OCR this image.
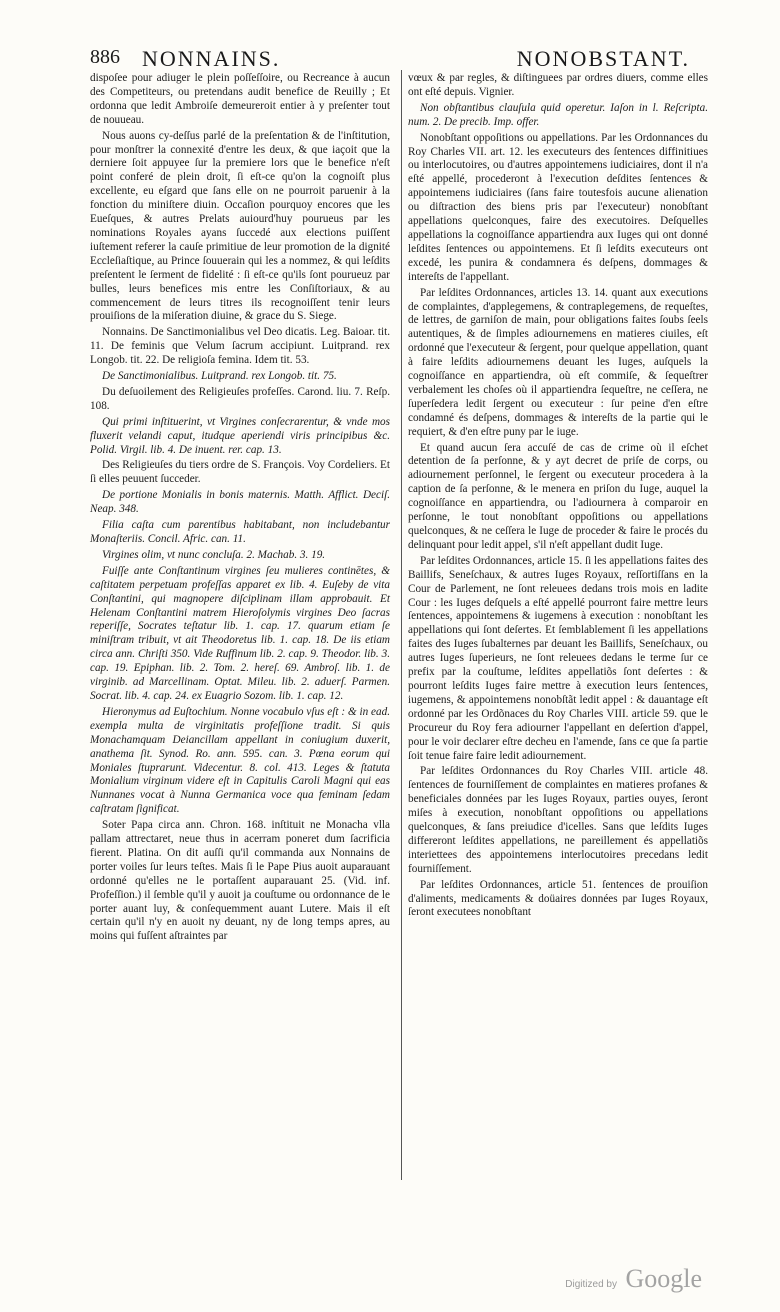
886 NONNAINS.	NONOBSTANT.

dispoſee pour adiuger le plein poſſeſſoire, ou Recreance à aucun des Competiteurs, ou pretendans audit benefice de Reuilly ; Et ordonna que ledit Ambroiſe demeureroit entier à y preſenter tout de nouueau.

Nous auons cy-deſſus parlé de la preſentation & de l'inſtitution, pour monſtrer la connexité d'entre les deux, & que iaçoit que la derniere ſoit appuyee ſur la premiere lors que le benefice n'eſt point conferé de plein droit, ſi eſt-ce qu'on la cognoiſt plus excellente, eu eſgard que ſans elle on ne pourroit paruenir à la fonction du miniſtere diuin. Occaſion pourquoy encores que les Eueſques, & autres Prelats auiourd'huy pourueus par les nominations Royales ayans ſuccedé aux elections puiſſent iuſtement referer la cauſe primitiue de leur promotion de la dignité Eccleſiaſtique, au Prince ſouuerain qui les a nommez, & qui leſdits preſentent le ſerment de fidelité : ſi eſt-ce qu'ils ſont pourueuz par bulles, leurs benefices mis entre les Conſiſtoriaux, & au commencement de leurs titres ils recognoiſſent tenir leurs prouiſions de la miſeration diuine, & grace du S. Siege.

Nonnains. De Sanctimonialibus vel Deo dicatis. Leg. Baioar. tit. 11. De feminis que Velum ſacrum accipiunt. Luitprand. rex Longob. tit. 22. De religioſa femina. Idem tit. 53.

De Sanctimonialibus. Luitprand. rex Longob. tit. 75.

Du deſuoilement des Religieuſes profeſſes. Carond. liu. 7. Reſp. 108.

Qui primi inſtituerint, vt Virgines conſecrarentur, & vnde mos fluxerit velandi caput, itudque aperiendi viris principibus &c. Polid. Virgil. lib. 4. De inuent. rer. cap. 13.

Des Religieuſes du tiers ordre de S. François. Voy Cordeliers. Et ſi elles peuuent ſucceder.

De portione Monialis in bonis maternis. Matth. Afflict. Deciſ. Neap. 348.

Filia caſta cum parentibus habitabant, non includebantur Monaſteriis. Concil. Afric. can. 11.

Virgines olim, vt nunc concluſa. 2. Machab. 3. 19.

Fuiſſe ante Conſtantinum virgines ſeu mulieres continētes, & caſtitatem perpetuam profeſſas apparet ex lib. 4. Euſeby de vita Conſtantini, qui magnopere diſciplinam illam approbauit. Et Helenam Conſtantini matrem Hieroſolymis virgines Deo ſacras reperiſſe, Socrates teſtatur lib. 1. cap. 17. quarum etiam ſe miniſtram tribuit, vt ait Theodoretus lib. 1. cap. 18. De iis etiam circa ann. Chriſti 350. Vide Ruffinum lib. 2. cap. 9. Theodor. lib. 3. cap. 19. Epiphan. lib. 2. Tom. 2. hereſ. 69. Ambroſ. lib. 1. de virginib. ad Marcellinam. Optat. Mileu. lib. 2. aduerſ. Parmen. Socrat. lib. 4. cap. 24. ex Euagrio Sozom. lib. 1. cap. 12.

Hieronymus ad Euſtochium. Nonne vocabulo vſus eſt : & in ead. exempla multa de virginitatis profeſſione tradit. Si quis Monachamquam Deiancillam appellant in coniugium duxerit, anathema ſit. Synod. Ro. ann. 595. can. 3. Pœna eorum qui Moniales ſtuprarunt. Videcentur. 8. col. 413. Leges & ſtatuta Monialium virginum videre eſt in Capitulis Caroli Magni qui eas Nunnanes vocat à Nunna Germanica voce qua feminam ſedam caſtratam ſignificat.

Soter Papa circa ann. Chron. 168. inſtituit ne Monacha vlla pallam attrectaret, neue thus in acerram poneret dum ſacrificia fierent. Platina. On dit auſſi qu'il commanda aux Nonnains de porter voiles ſur leurs teſtes. Mais ſi le Pape Pius auoit auparauant ordonné qu'elles ne le portaſſent auparauant 25. (Vid. inf. Profeſſion.) il ſemble qu'il y auoit ja couſtume ou ordonnance de le porter auant luy, & conſequemment auant Lutere. Mais il eſt certain qu'il n'y en auoit ny deuant, ny de long temps apres, au moins qui fuſſent aſtraintes par

vœux & par regles, & diſtinguees par ordres diuers, comme elles ont eſté depuis. Vignier.

Non obſtantibus clauſula quid operetur. Iaſon in l. Reſcripta. num. 2. De precib. Imp. offer.

Nonobſtant oppoſitions ou appellations. Par les Ordonnances du Roy Charles VII. art. 12. les executeurs des ſentences diffinitiues ou interlocutoires, ou d'autres appointemens iudiciaires, dont il n'a eſté appellé, procederont à l'execution deſdites ſentences & appointemens iudiciaires (ſans faire toutesfois aucune alienation ou diſtraction des biens pris par l'executeur) nonobſtant appellations quelconques, faire des executoires. Deſquelles appellations la cognoiſſance appartiendra aux Iuges qui ont donné leſdites ſentences ou appointemens. Et ſi leſdits executeurs ont excedé, les punira & condamnera és deſpens, dommages & intereſts de l'appellant.

Par leſdites Ordonnances, articles 13. 14. quant aux executions de complaintes, d'applegemens, & contraplegemens, de requeſtes, de lettres, de garniſon de main, pour obligations faites ſoubs ſeels autentiques, & de ſimples adiournemens en matieres ciuiles, eſt ordonné que l'executeur & ſergent, pour quelque appellation, quant à faire leſdits adiournemens deuant les Iuges, auſquels la cognoiſſance en appartiendra, où eſt commiſe, & ſequeſtrer verbalement les choſes où il appartiendra ſequeſtre, ne ceſſera, ne ſuperſedera ledit ſergent ou executeur : ſur peine d'en eſtre condamné és deſpens, dommages & intereſts de la partie qui le requiert, & d'en eſtre puny par le iuge.

Et quand aucun ſera accuſé de cas de crime où il eſchet detention de ſa perſonne, & y ayt decret de priſe de corps, ou adiournement perſonnel, le ſergent ou executeur procedera à la caption de ſa perſonne, & le menera en priſon du Iuge, auquel la cognoiſſance en appartiendra, ou l'adiournera à comparoir en perſonne, le tout nonobſtant oppoſitions ou appellations quelconques, & ne ceſſera le Iuge de proceder & faire le procés du delinquant pour ledit appel, s'il n'eſt appellant dudit Iuge.

Par leſdites Ordonnances, article 15. ſi les appellations faites des Baillifs, Seneſchaux, & autres Iuges Royaux, reſſortiſſans en la Cour de Parlement, ne ſont releuees dedans trois mois en ladite Cour : les Iuges deſquels a eſté appellé pourront faire mettre leurs ſentences, appointemens & iugemens à execution : nonobſtant les appellations qui ſont deſertes. Et ſemblablement ſi les appellations faites des Iuges ſubalternes par deuant les Baillifs, Seneſchaux, ou autres Iuges ſuperieurs, ne ſont releuees dedans le terme ſur ce prefix par la couſtume, leſdites appellatiõs ſont deſertes : & pourront leſdits Iuges faire mettre à execution leurs ſentences, iugemens, & appointemens nonobſtãt ledit appel : & dauantage eſt ordonné par les Ordõnaces du Roy Charles VIII. article 59. que le Procureur du Roy fera adiourner l'appellant en deſertion d'appel, pour le voir declarer eſtre decheu en l'amende, ſans ce que ſa partie ſoit tenue faire faire ledit adiournement.

Par leſdites Ordonnances du Roy Charles VIII. article 48. ſentences de fourniſſement de complaintes en matieres profanes & beneficiales données par les Iuges Royaux, parties ouyes, ſeront miſes à execution, nonobſtant oppoſitions ou appellations quelconques, & ſans preiudice d'icelles. Sans que leſdits Iuges differeront leſdites appellations, ne pareillement és appellatiõs interiettees des appointemens interlocutoires precedans ledit fourniſſement.

Par leſdites Ordonnances, article 51. ſentences de prouiſion d'aliments, medicaments & doüaires données par Iuges Royaux, ſeront executees nonobſtant

Digitized by Google
